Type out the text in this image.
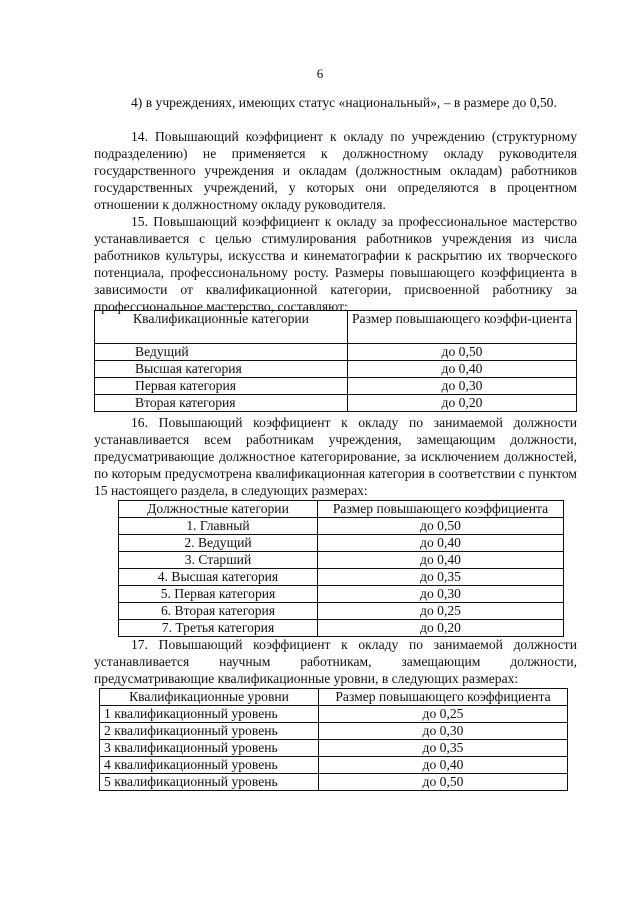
6

4) в учреждениях, имеющих статус «национальный», – в размере до 0,50.

14. Повышающий коэффициент к окладу по учреждению (структурному подразделению) не применяется к должностному окладу руководителя государственного учреждения и окладам (должностным окладам) работников государственных учреждений, у которых они определяются в процентном отношении к должностному окладу руководителя.

15. Повышающий коэффициент к окладу за профессиональное мастерство устанавливается с целью стимулирования работников учреждения из числа работников культуры, искусства и кинематографии к раскрытию их творческого потенциала, профессиональному росту. Размеры повышающего коэффициента в зависимости от квалификационной категории, присвоенной работнику за профессиональное мастерство, составляют:

Квалификационные категории	Размер повышающего коэффи-циента
Ведущий	до 0,50
Высшая категория	до 0,40
Первая категория	до 0,30
Вторая категория	до 0,20

16. Повышающий коэффициент к окладу по занимаемой должности устанавливается всем работникам учреждения, замещающим должности, предусматривающие должностное категорирование, за исключением должностей, по которым предусмотрена квалификационная категория в соответствии с пунктом 15 настоящего раздела, в следующих размерах:

Должностные категории	Размер повышающего коэффициента
1. Главный	до 0,50
2. Ведущий	до 0,40
3. Старший	до 0,40
4. Высшая категория	до 0,35
5. Первая категория	до 0,30
6. Вторая категория	до 0,25
7. Третья категория	до 0,20

17. Повышающий коэффициент к окладу по занимаемой должности устанавливается научным работникам, замещающим должности, предусматривающие квалификационные уровни, в следующих размерах:

Квалификационные уровни	Размер повышающего коэффициента
1 квалификационный уровень	до 0,25
2 квалификационный уровень	до 0,30
3 квалификационный уровень	до 0,35
4 квалификационный уровень	до 0,40
5 квалификационный уровень	до 0,50
